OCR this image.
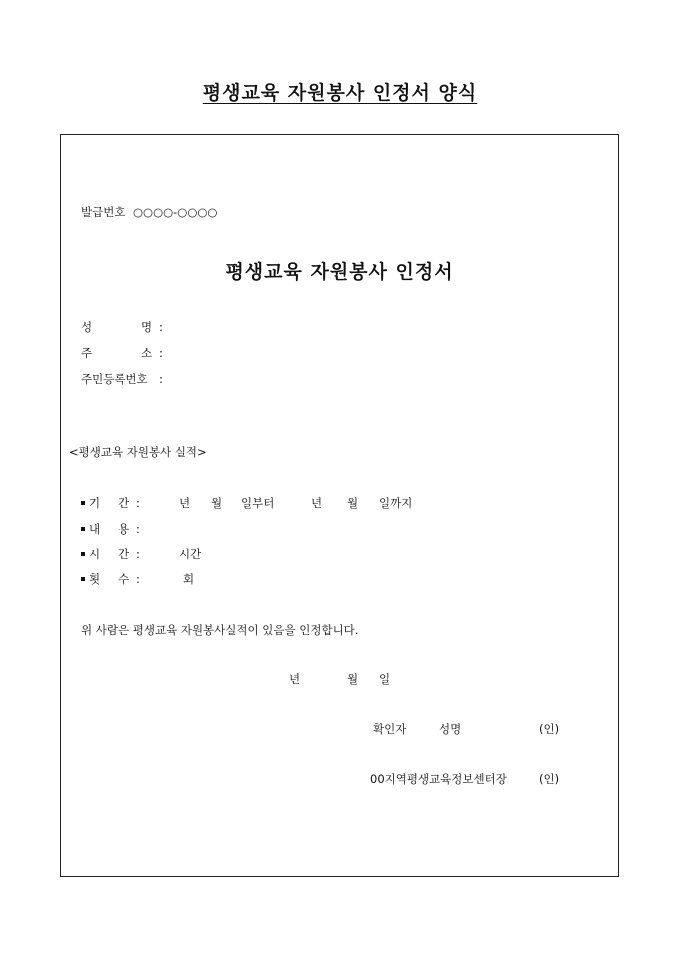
평생교육 자원봉사 인정서 양식
발급번호 ○○○○-○○○○
평생교육 자원봉사 인정서
성	명 :
주	소 :
주민등록번호 :
<평생교육 자원봉사 실적>
기 간 :	년 월 일부터	년 월 일까지
내 용 :
시 간 :	시간
횟 수 :	회
위 사람은 평생교육 자원봉사실적이 있음을 인정합니다.
년	월 일
확인자	성명	(인)
00지역평생교육정보센터장	(인)
